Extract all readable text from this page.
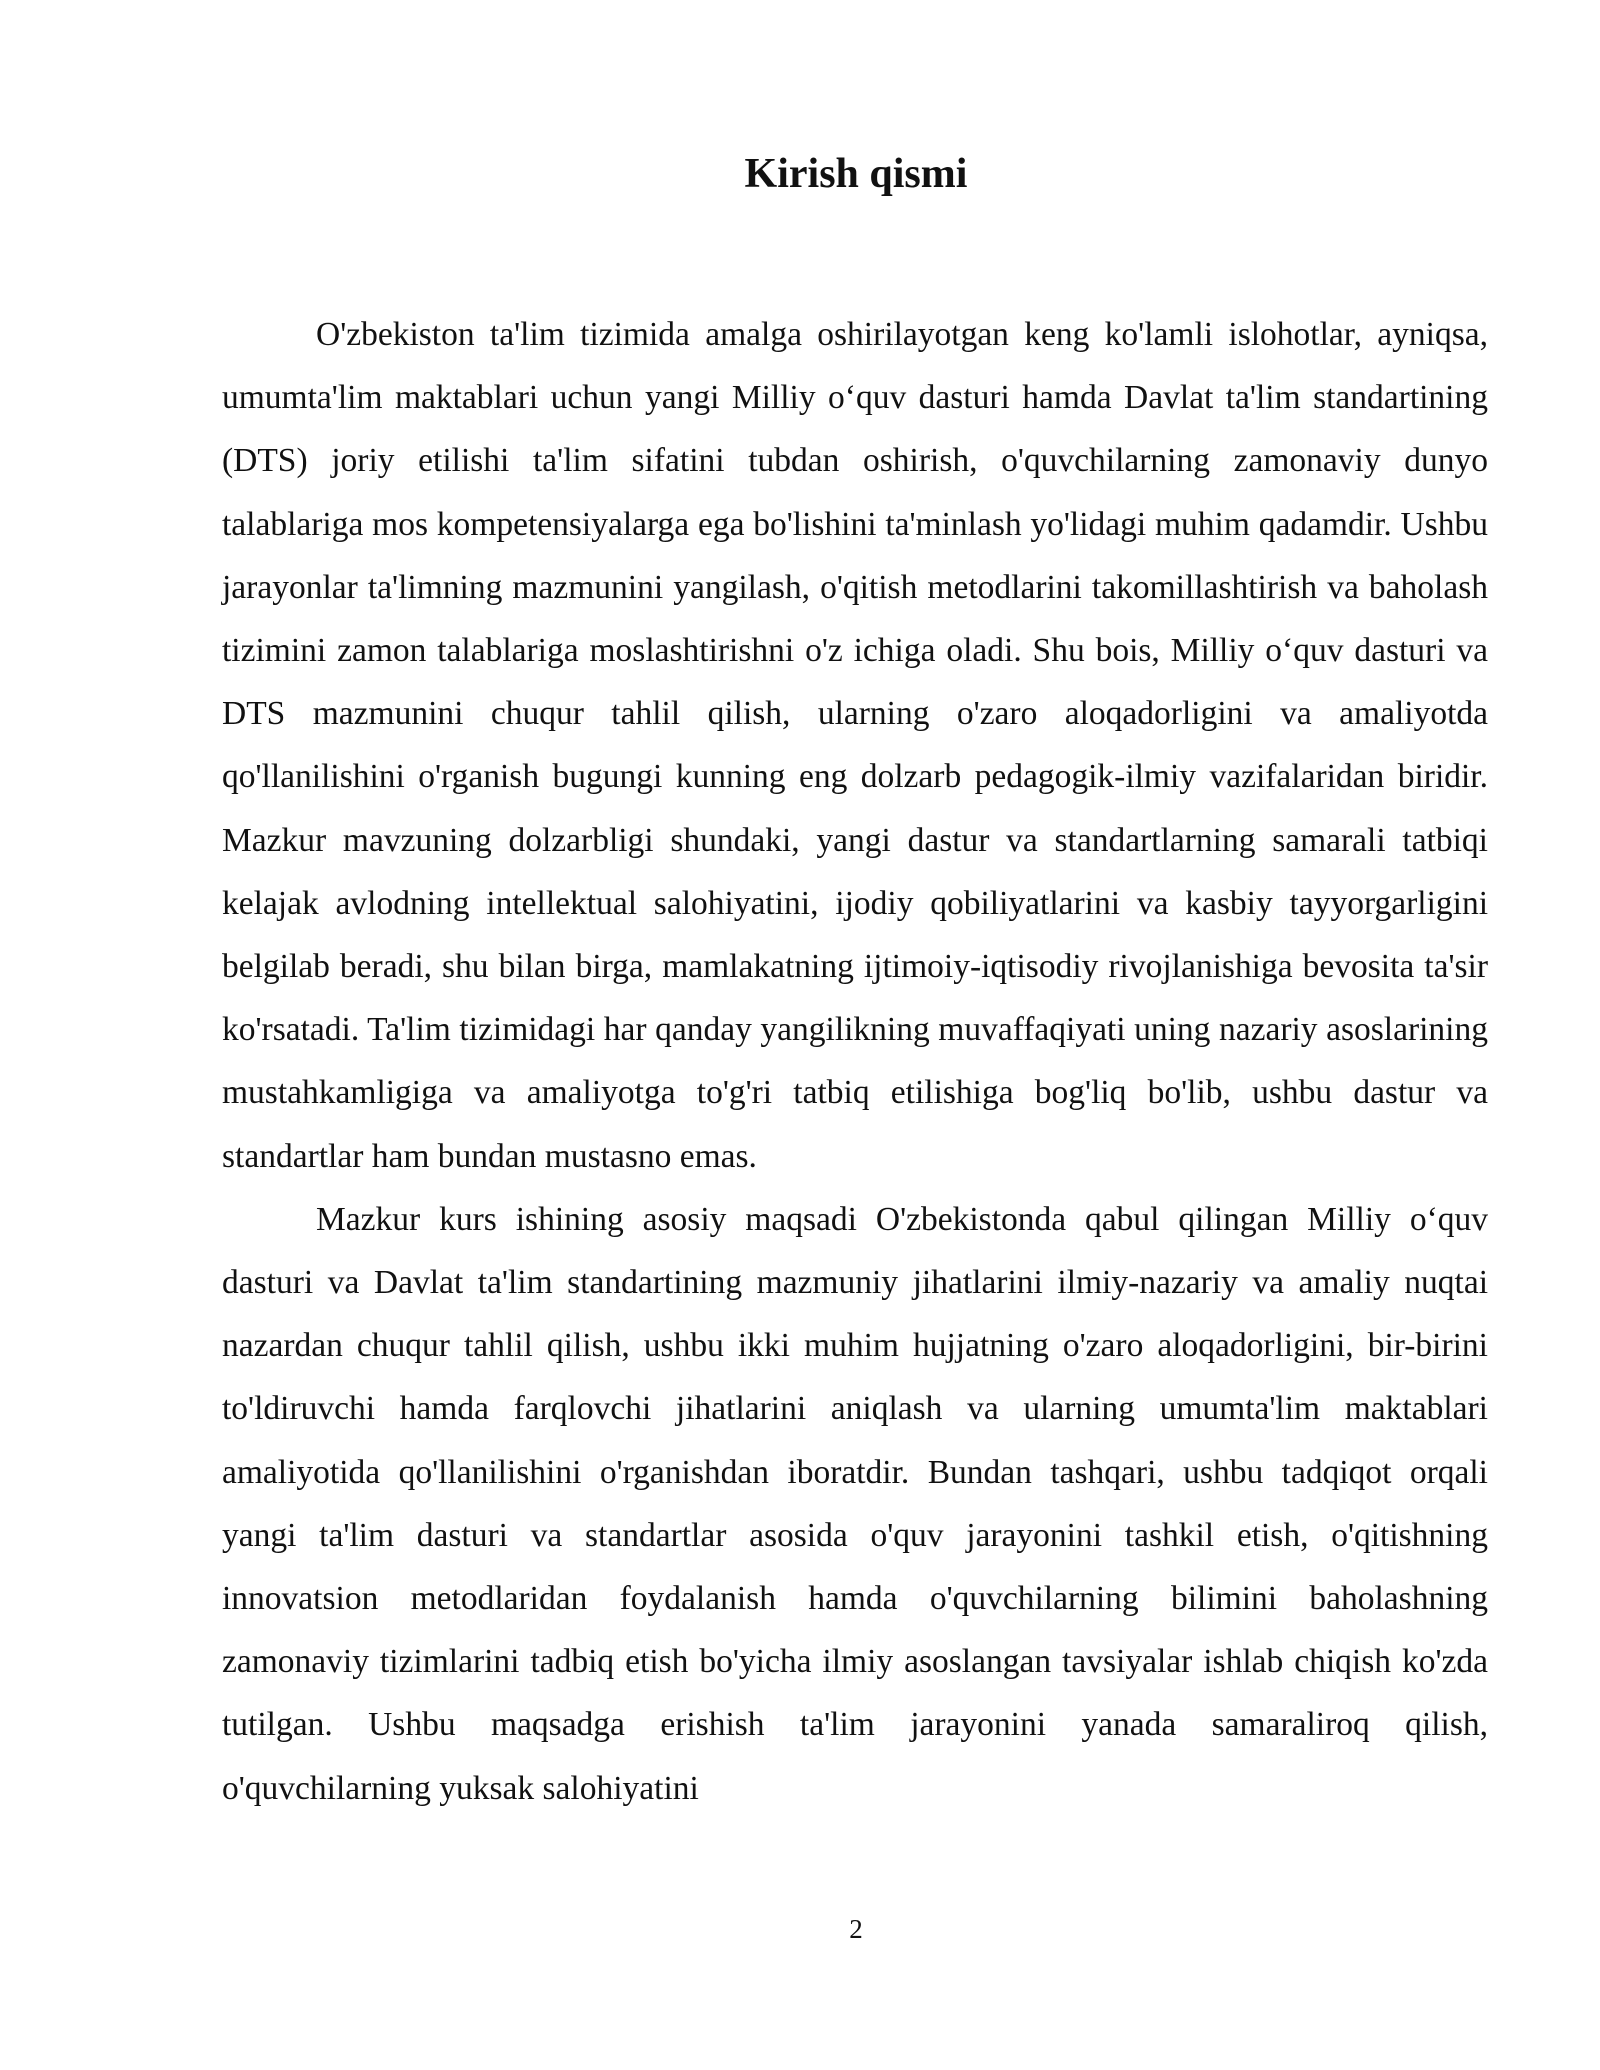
Kirish qismi

O'zbekiston ta'lim tizimida amalga oshirilayotgan keng ko'lamli islohotlar, ayniqsa, umumta'lim maktablari uchun yangi Milliy o‘quv dasturi hamda Davlat ta'lim standartining (DTS) joriy etilishi ta'lim sifatini tubdan oshirish, o'quvchilarning zamonaviy dunyo talablariga mos kompetensiyalarga ega bo'lishini ta'minlash yo'lidagi muhim qadamdir. Ushbu jarayonlar ta'limning mazmunini yangilash, o'qitish metodlarini takomillashtirish va baholash tizimini zamon talablariga moslashtirishni o'z ichiga oladi. Shu bois, Milliy o‘quv dasturi va DTS mazmunini chuqur tahlil qilish, ularning o'zaro aloqadorligini va amaliyotda qo'llanilishini o'rganish bugungi kunning eng dolzarb pedagogik-ilmiy vazifalaridan biridir. Mazkur mavzuning dolzarbligi shundaki, yangi dastur va standartlarning samarali tatbiqi kelajak avlodning intellektual salohiyatini, ijodiy qobiliyatlarini va kasbiy tayyorgarligini belgilab beradi, shu bilan birga, mamlakatning ijtimoiy-iqtisodiy rivojlanishiga bevosita ta'sir ko'rsatadi. Ta'lim tizimidagi har qanday yangilikning muvaffaqiyati uning nazariy asoslarining mustahkamligiga va amaliyotga to'g'ri tatbiq etilishiga bog'liq bo'lib, ushbu dastur va standartlar ham bundan mustasno emas.

Mazkur kurs ishining asosiy maqsadi O'zbekistonda qabul qilingan Milliy o‘quv dasturi va Davlat ta'lim standartining mazmuniy jihatlarini ilmiy-nazariy va amaliy nuqtai nazardan chuqur tahlil qilish, ushbu ikki muhim hujjatning o'zaro aloqadorligini, bir-birini to'ldiruvchi hamda farqlovchi jihatlarini aniqlash va ularning umumta'lim maktablari amaliyotida qo'llanilishini o'rganishdan iboratdir. Bundan tashqari, ushbu tadqiqot orqali yangi ta'lim dasturi va standartlar asosida o'quv jarayonini tashkil etish, o'qitishning innovatsion metodlaridan foydalanish hamda o'quvchilarning bilimini baholashning zamonaviy tizimlarini tadbiq etish bo'yicha ilmiy asoslangan tavsiyalar ishlab chiqish ko'zda tutilgan. Ushbu maqsadga erishish ta'lim jarayonini yanada samaraliroq qilish, o'quvchilarning yuksak salohiyatini

2
